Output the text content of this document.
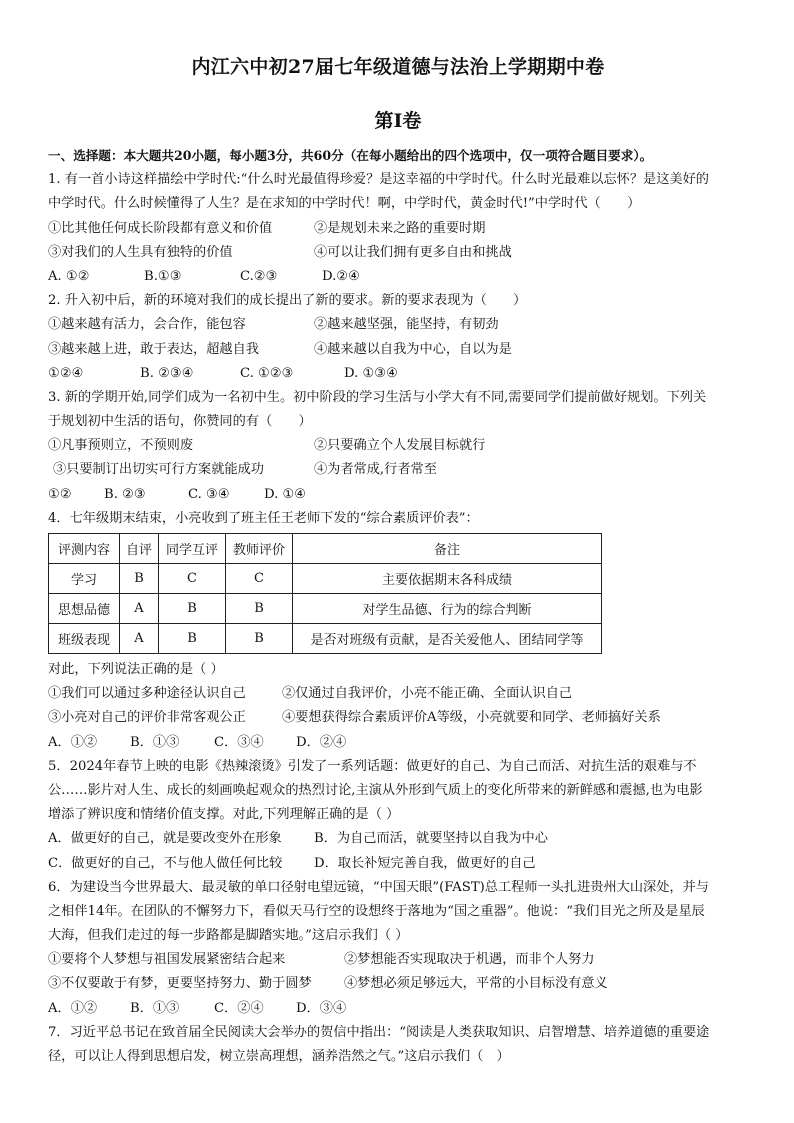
内江六中初27届七年级道德与法治上学期期中卷
第Ⅰ卷
一、选择题：本大题共20小题，每小题3分，共60分（在每小题给出的四个选项中，仅一项符合题目要求）。
1. 有一首小诗这样描绘中学时代:“什么时光最值得珍爱？是这幸福的中学时代。什么时光最难以忘怀？是这美好的
中学时代。什么时候懂得了人生？是在求知的中学时代！啊，中学时代，黄金时代!”中学时代（　　）
①比其他任何成长阶段都有意义和价值	②是规划未来之路的重要时期
③对我们的人生具有独特的价值	④可以让我们拥有更多自由和挑战
A. ①②	B.①③	C.②③	D.②④
2. 升入初中后，新的环境对我们的成长提出了新的要求。新的要求表现为（　　）
①越来越有活力，会合作，能包容	②越来越坚强，能坚持，有韧劲
③越来越上进，敢于表达，超越自我	④越来越以自我为中心，自以为是
①②④	B. ②③④	C. ①②③	D. ①③④
3. 新的学期开始,同学们成为一名初中生。初中阶段的学习生活与小学大有不同,需要同学们提前做好规划。下列关
于规划初中生活的语句，你赞同的有（　　）
①凡事预则立，不预则废	②只要确立个人发展目标就行
③只要制订出切实可行方案就能成功	④为者常成,行者常至
①② B. ②③	C. ③④	D. ①④
4．七年级期末结束，小亮收到了班主任王老师下发的“综合素质评价表”：
评测内容	自评	同学互评	教师评价	备注
学习	B	C	C	主要依据期末各科成绩
思想品德	A	B	B	对学生品德、行为的综合判断
班级表现	A	B	B	是否对班级有贡献，是否关爱他人、团结同学等
对此，下列说法正确的是（ ）
①我们可以通过多种途径认识自己	②仅通过自我评价，小亮不能正确、全面认识自己
③小亮对自己的评价非常客观公正	④要想获得综合素质评价A等级，小亮就要和同学、老师搞好关系
A．①② B．①③	C．③④ D．②④
5．2024年春节上映的电影《热辣滚烫》引发了一系列话题：做更好的自己、为自己而活、对抗生活的艰难与不
公……影片对人生、成长的刻画唤起观众的热烈讨论,主演从外形到气质上的变化所带来的新鲜感和震撼,也为电影
增添了辨识度和情绪价值支撑。对此,下列理解正确的是（ ）
A．做更好的自己，就是要改变外在形象	B．为自己而活，就要坚持以自我为中心
C．做更好的自己，不与他人做任何比较	D．取长补短完善自我，做更好的自己
6．为建设当今世界最大、最灵敏的单口径射电望远镜，“中国天眼”(FAST)总工程师一头扎进贵州大山深处，并与
之相伴14年。在团队的不懈努力下，看似天马行空的设想终于落地为“国之重器”。他说：“我们目光之所及是星辰
大海，但我们走过的每一步路都是脚踏实地。”这启示我们（ ）
①要将个人梦想与祖国发展紧密结合起来	②梦想能否实现取决于机遇，而非个人努力
③不仅要敢于有梦，更要坚持努力、勤于圆梦	④梦想必须足够远大，平常的小目标没有意义
A．①② B．①③	C．②④ D．③④
7．习近平总书记在致首届全民阅读大会举办的贺信中指出：“阅读是人类获取知识、启智增慧、培养道德的重要途
径，可以让人得到思想启发，树立崇高理想，涵养浩然之气。”这启示我们（　）
